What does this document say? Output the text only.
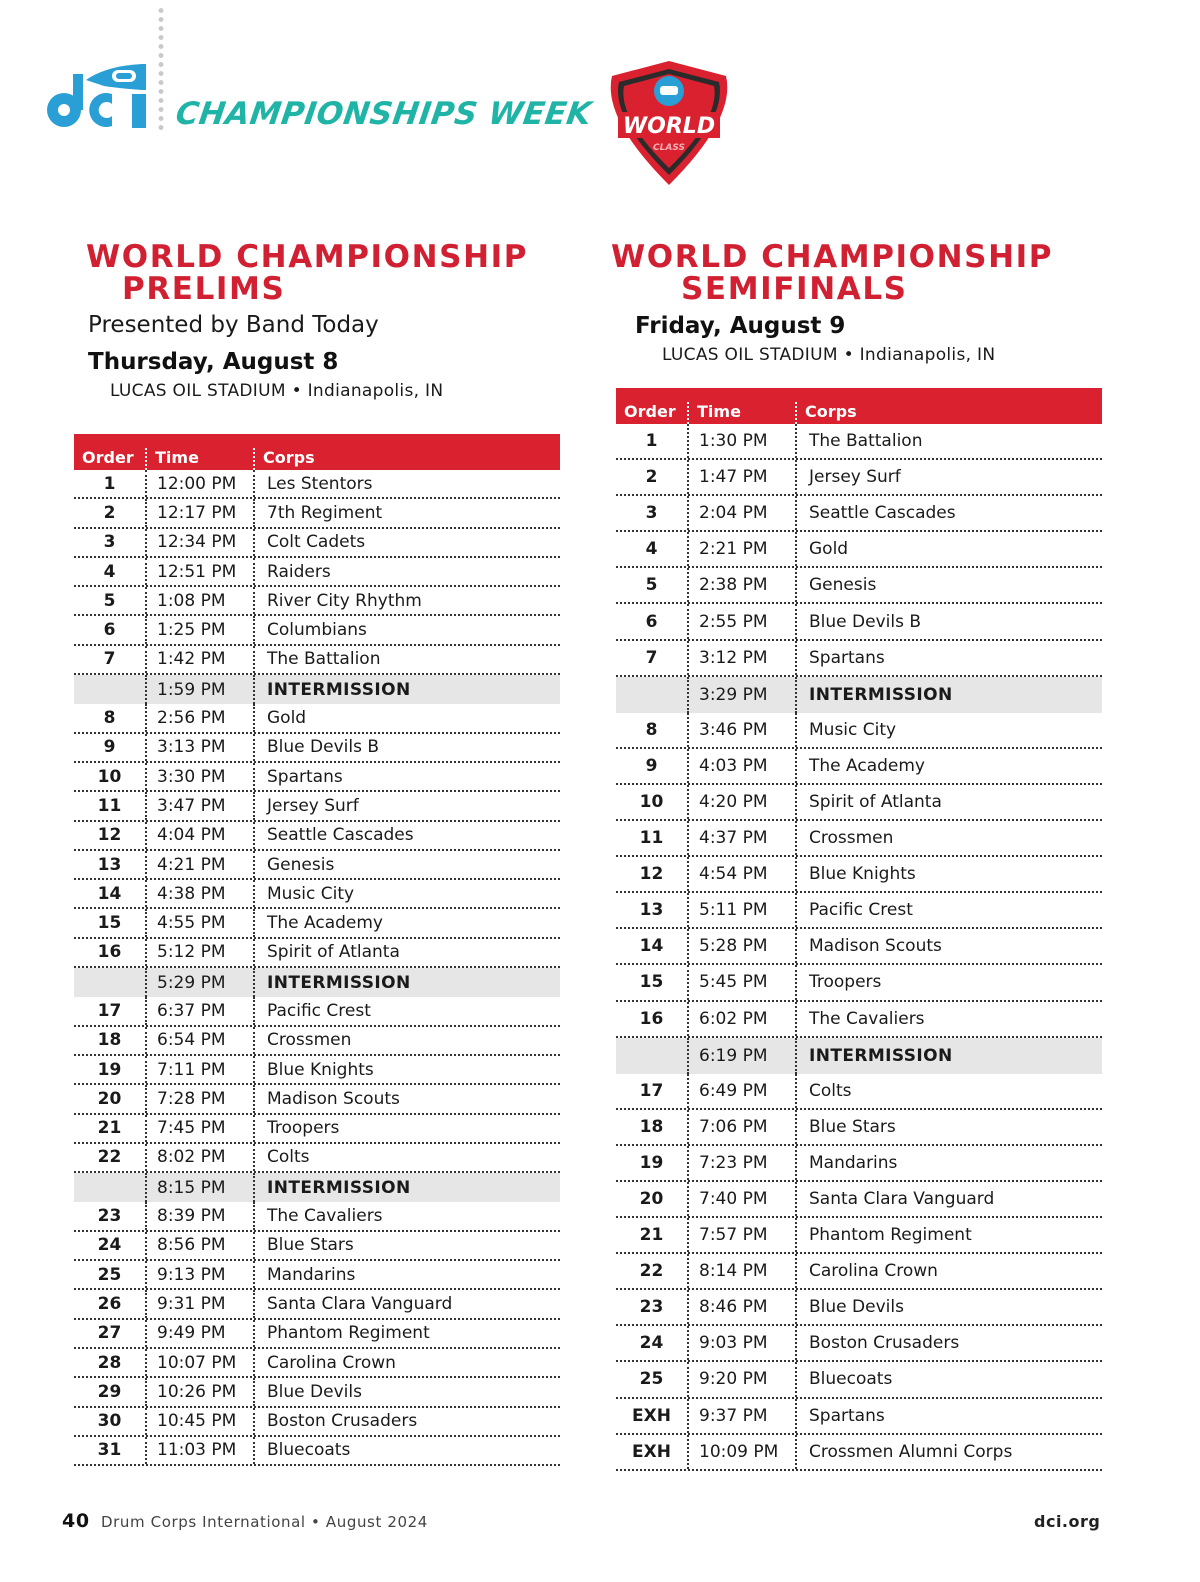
CHAMPIONSHIPS WEEK WORLD
CLASS
WORLD CHAMPIONSHIP
PRELIMS
Presented by Band Today
Thursday, August 8
LUCAS OIL STADIUM • Indianapolis, IN
WORLD CHAMPIONSHIP
SEMIFINALS
Friday, August 9
LUCAS OIL STADIUM • Indianapolis, IN
Order	Time	Corps
1	12:00 PM	Les Stentors
2	12:17 PM	7th Regiment
3	12:34 PM	Colt Cadets
4	12:51 PM	Raiders
5	1:08 PM	River City Rhythm
6	1:25 PM	Columbians
7	1:42 PM	The Battalion
1:59 PM	INTERMISSION
8	2:56 PM	Gold
9	3:13 PM	Blue Devils B
10	3:30 PM	Spartans
11	3:47 PM	Jersey Surf
12	4:04 PM	Seattle Cascades
13	4:21 PM	Genesis
14	4:38 PM	Music City
15	4:55 PM	The Academy
16	5:12 PM	Spirit of Atlanta
5:29 PM	INTERMISSION
17	6:37 PM	Pacific Crest
18	6:54 PM	Crossmen
19	7:11 PM	Blue Knights
20	7:28 PM	Madison Scouts
21	7:45 PM	Troopers
22	8:02 PM	Colts
8:15 PM	INTERMISSION
23	8:39 PM	The Cavaliers
24	8:56 PM	Blue Stars
25	9:13 PM	Mandarins
26	9:31 PM	Santa Clara Vanguard
27	9:49 PM	Phantom Regiment
28	10:07 PM	Carolina Crown
29	10:26 PM	Blue Devils
30	10:45 PM	Boston Crusaders
31	11:03 PM	Bluecoats
Order	Time	Corps
1	1:30 PM	The Battalion
2	1:47 PM	Jersey Surf
3	2:04 PM	Seattle Cascades
4	2:21 PM	Gold
5	2:38 PM	Genesis
6	2:55 PM	Blue Devils B
7	3:12 PM	Spartans
3:29 PM	INTERMISSION
8	3:46 PM	Music City
9	4:03 PM	The Academy
10	4:20 PM	Spirit of Atlanta
11	4:37 PM	Crossmen
12	4:54 PM	Blue Knights
13	5:11 PM	Pacific Crest
14	5:28 PM	Madison Scouts
15	5:45 PM	Troopers
16	6:02 PM	The Cavaliers
6:19 PM	INTERMISSION
17	6:49 PM	Colts
18	7:06 PM	Blue Stars
19	7:23 PM	Mandarins
20	7:40 PM	Santa Clara Vanguard
21	7:57 PM	Phantom Regiment
22	8:14 PM	Carolina Crown
23	8:46 PM	Blue Devils
24	9:03 PM	Boston Crusaders
25	9:20 PM	Bluecoats
EXH	9:37 PM	Spartans
EXH	10:09 PM	Crossmen Alumni Corps
40 Drum Corps International • August 2024	dci.org
